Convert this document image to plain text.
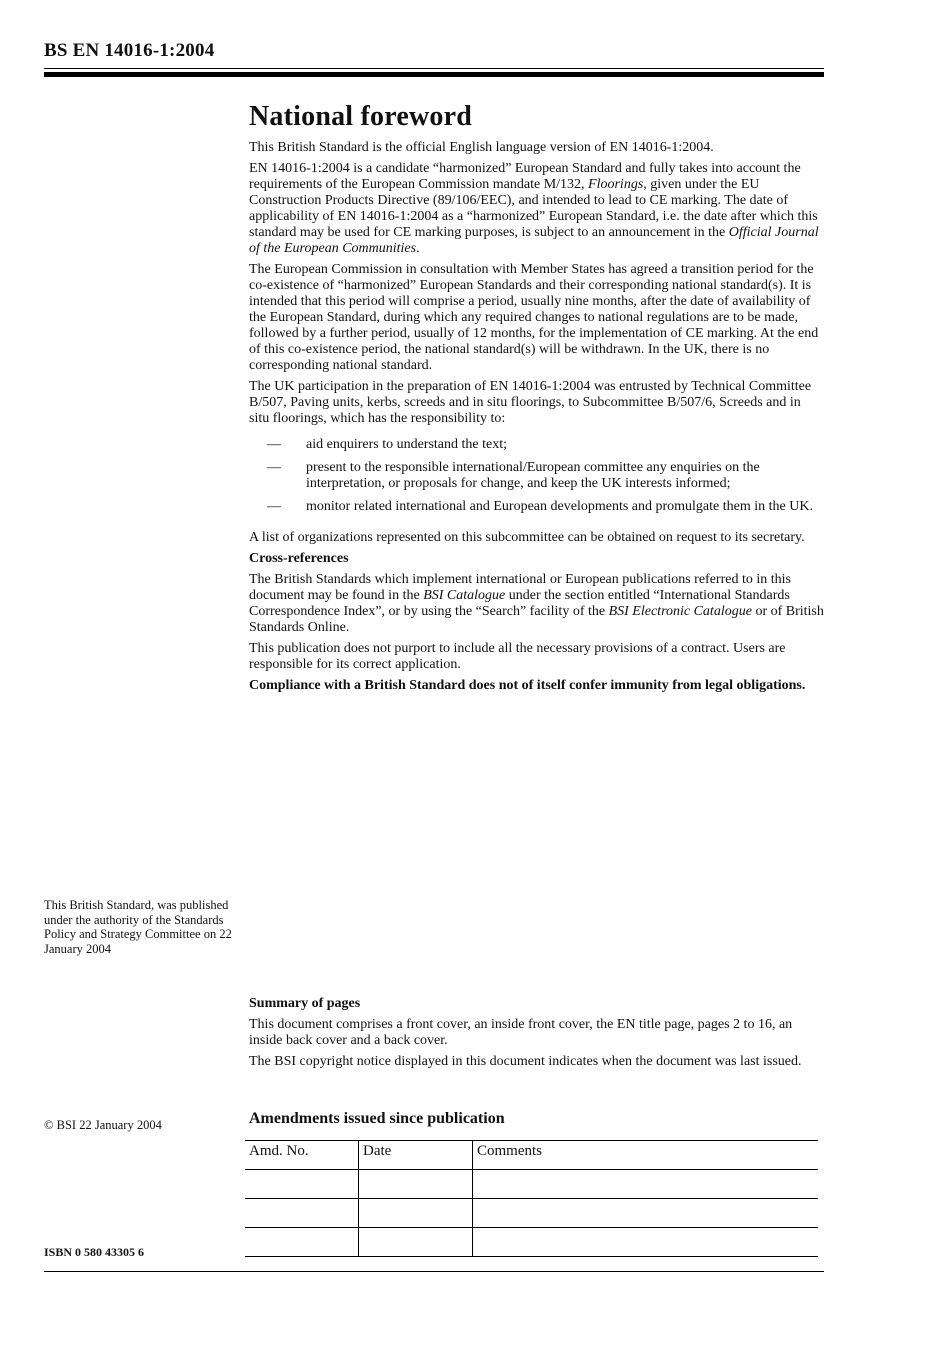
BS EN 14016-1:2004
National foreword

This British Standard is the official English language version of EN 14016-1:2004.

EN 14016-1:2004 is a candidate “harmonized” European Standard and fully takes into account the requirements of the European Commission mandate M/132, Floorings, given under the EU Construction Products Directive (89/106/EEC), and intended to lead to CE marking. The date of applicability of EN 14016-1:2004 as a “harmonized” European Standard, i.e. the date after which this standard may be used for CE marking purposes, is subject to an announcement in the Official Journal of the European Communities.

The European Commission in consultation with Member States has agreed a transition period for the co-existence of “harmonized” European Standards and their corresponding national standard(s). It is intended that this period will comprise a period, usually nine months, after the date of availability of the European Standard, during which any required changes to national regulations are to be made, followed by a further period, usually of 12 months, for the implementation of CE marking. At the end of this co-existence period, the national standard(s) will be withdrawn. In the UK, there is no corresponding national standard.

The UK participation in the preparation of EN 14016-1:2004 was entrusted by Technical Committee B/507, Paving units, kerbs, screeds and in situ floorings, to Subcommittee B/507/6, Screeds and in situ floorings, which has the responsibility to:

— aid enquirers to understand the text;
— present to the responsible international/European committee any enquiries on the interpretation, or proposals for change, and keep the UK interests informed;
— monitor related international and European developments and promulgate them in the UK.

A list of organizations represented on this subcommittee can be obtained on request to its secretary.

Cross-references

The British Standards which implement international or European publications referred to in this document may be found in the BSI Catalogue under the section entitled “International Standards Correspondence Index”, or by using the “Search” facility of the BSI Electronic Catalogue or of British Standards Online.

This publication does not purport to include all the necessary provisions of a contract. Users are responsible for its correct application.

Compliance with a British Standard does not of itself confer immunity from legal obligations.

This British Standard, was published under the authority of the Standards Policy and Strategy Committee on 22 January 2004

Summary of pages

This document comprises a front cover, an inside front cover, the EN title page, pages 2 to 16, an inside back cover and a back cover.

The BSI copyright notice displayed in this document indicates when the document was last issued.

© BSI 22 January 2004	Amendments issued since publication
Amd. No.	Date	Comments

ISBN 0 580 43305 6
